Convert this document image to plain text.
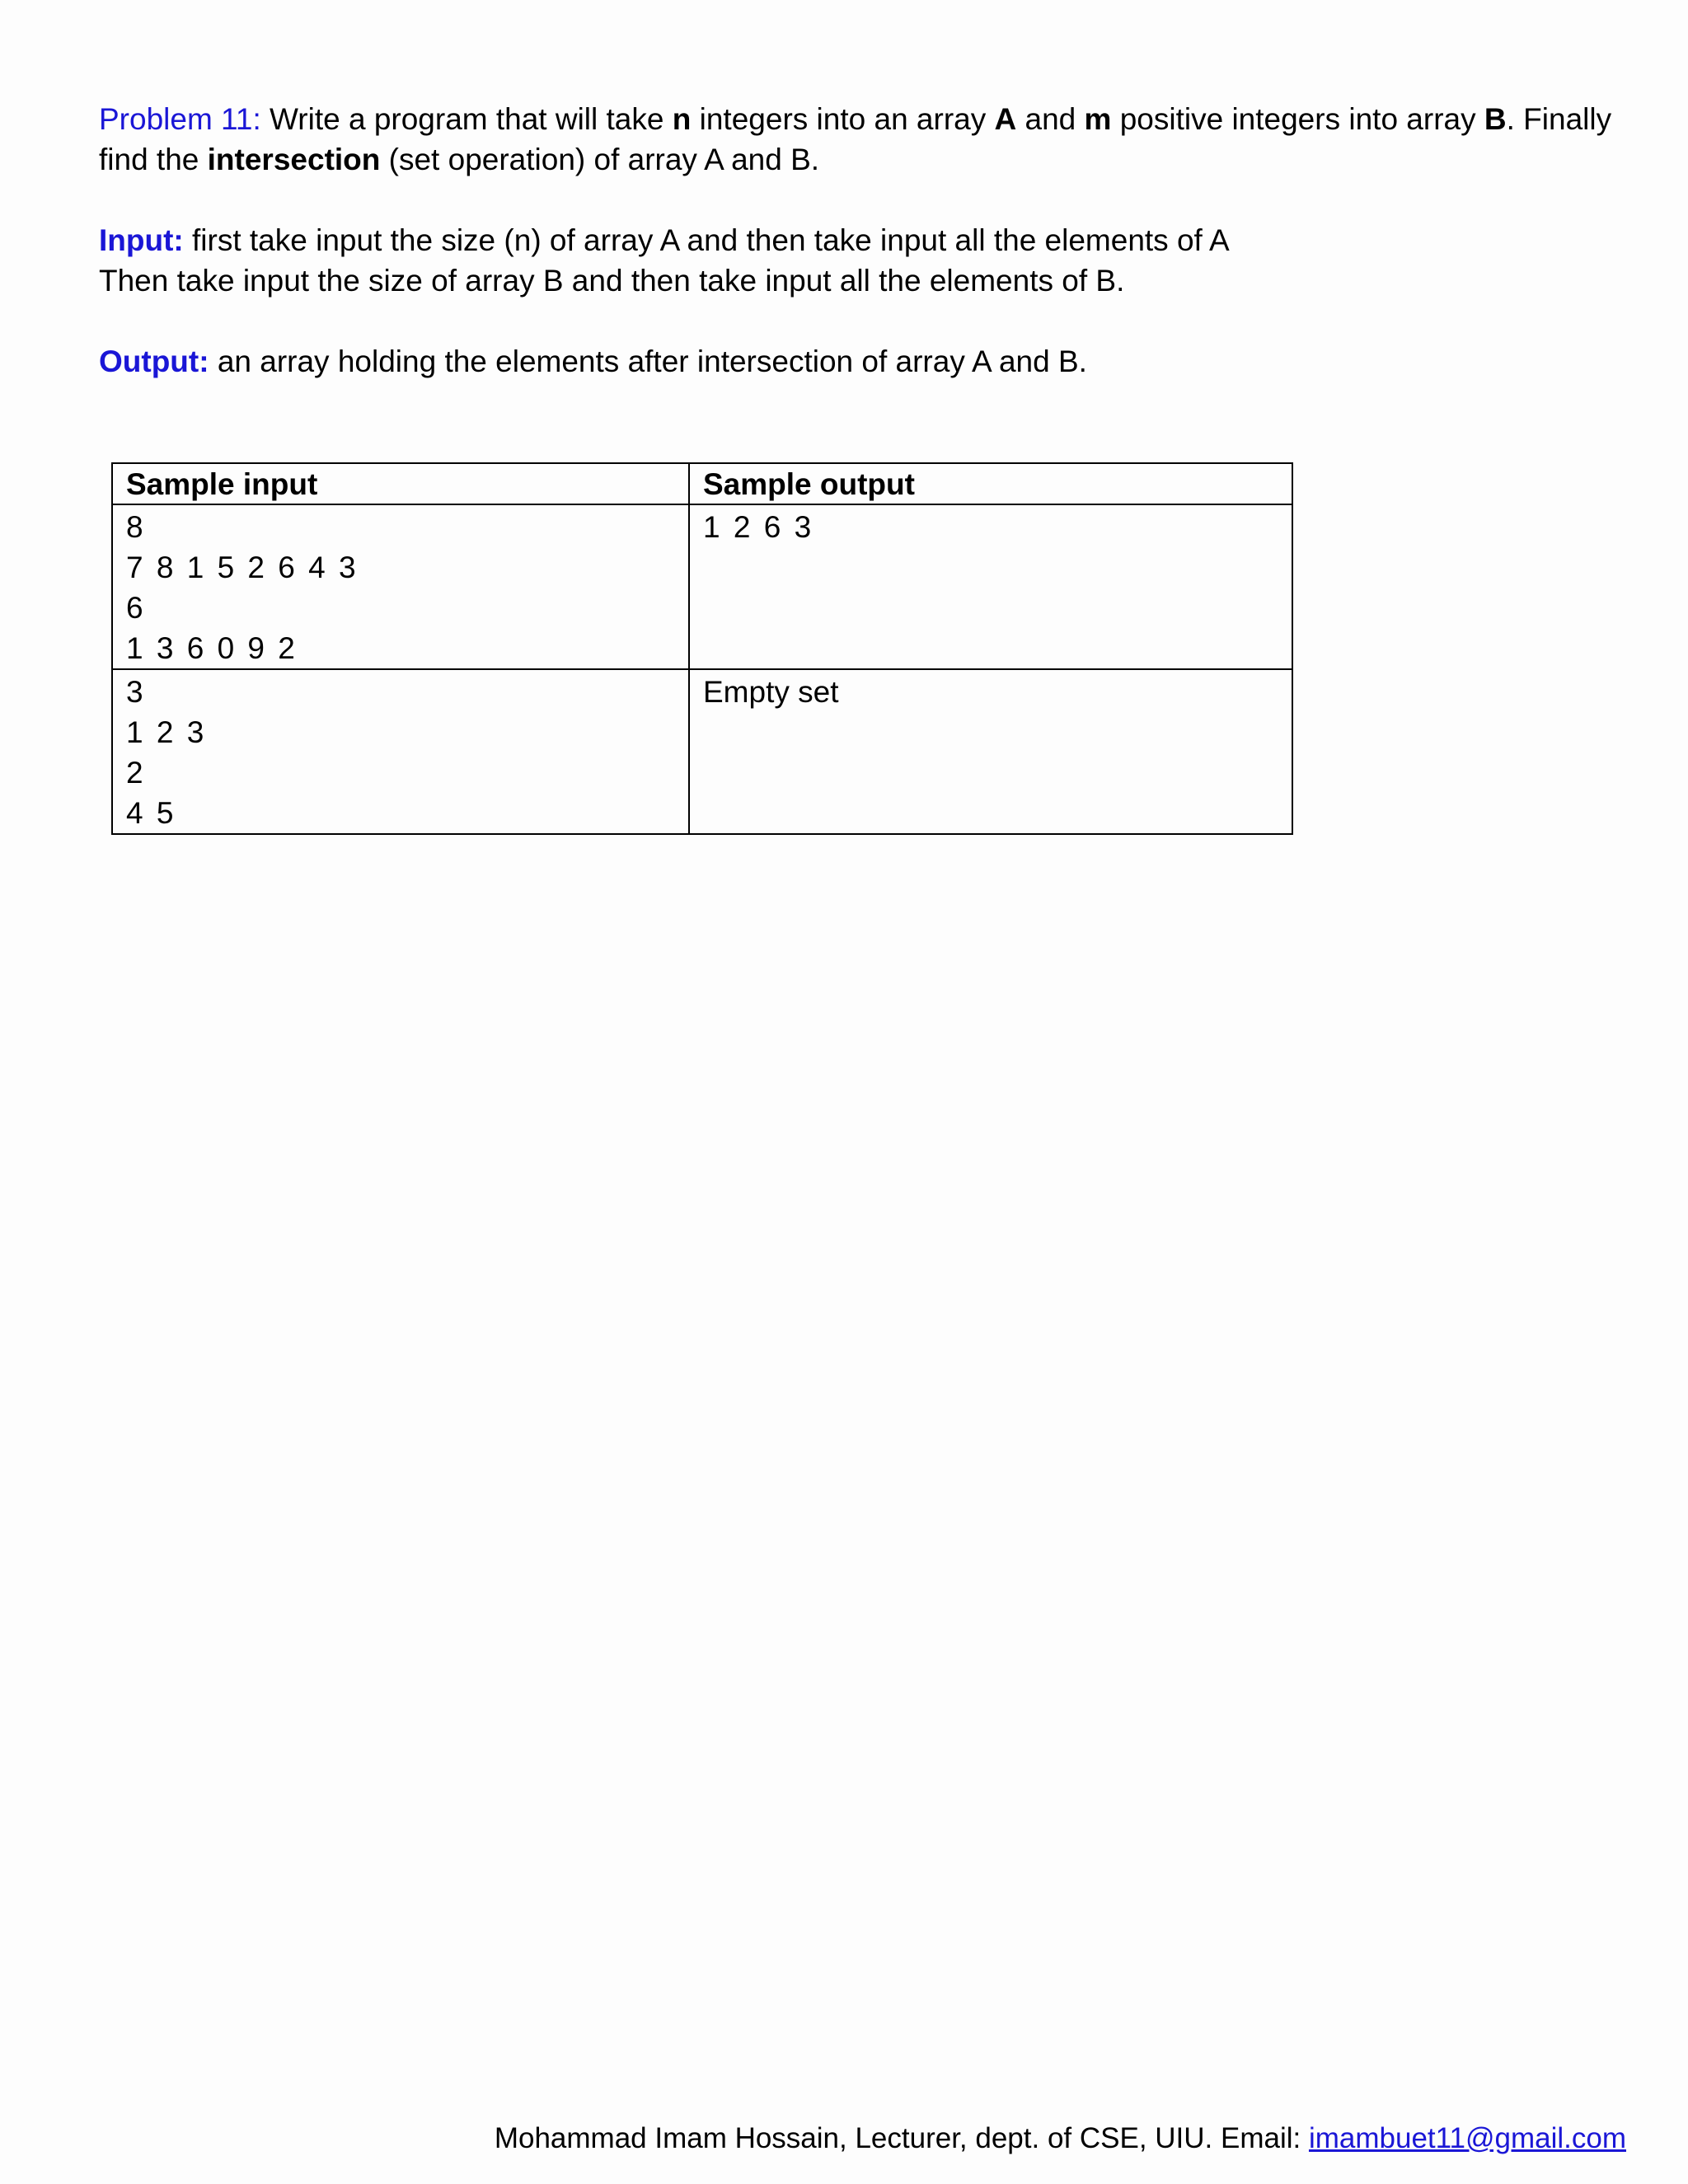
Problem 11: Write a program that will take n integers into an array A and m positive integers into array B. Finally find the intersection (set operation) of array A and B.
Input: first take input the size (n) of array A and then take input all the elements of A
Then take input the size of array B and then take input all the elements of B.
Output: an array holding the elements after intersection of array A and B.
Sample input	Sample output

8
7 8 1 5 2 6 4 3
6
1 3 6 0 9 2	1 2 6 3

3
1 2 3
2
4 5	Empty set
Mohammad Imam Hossain, Lecturer, dept. of CSE, UIU. Email: imambuet11@gmail.com
